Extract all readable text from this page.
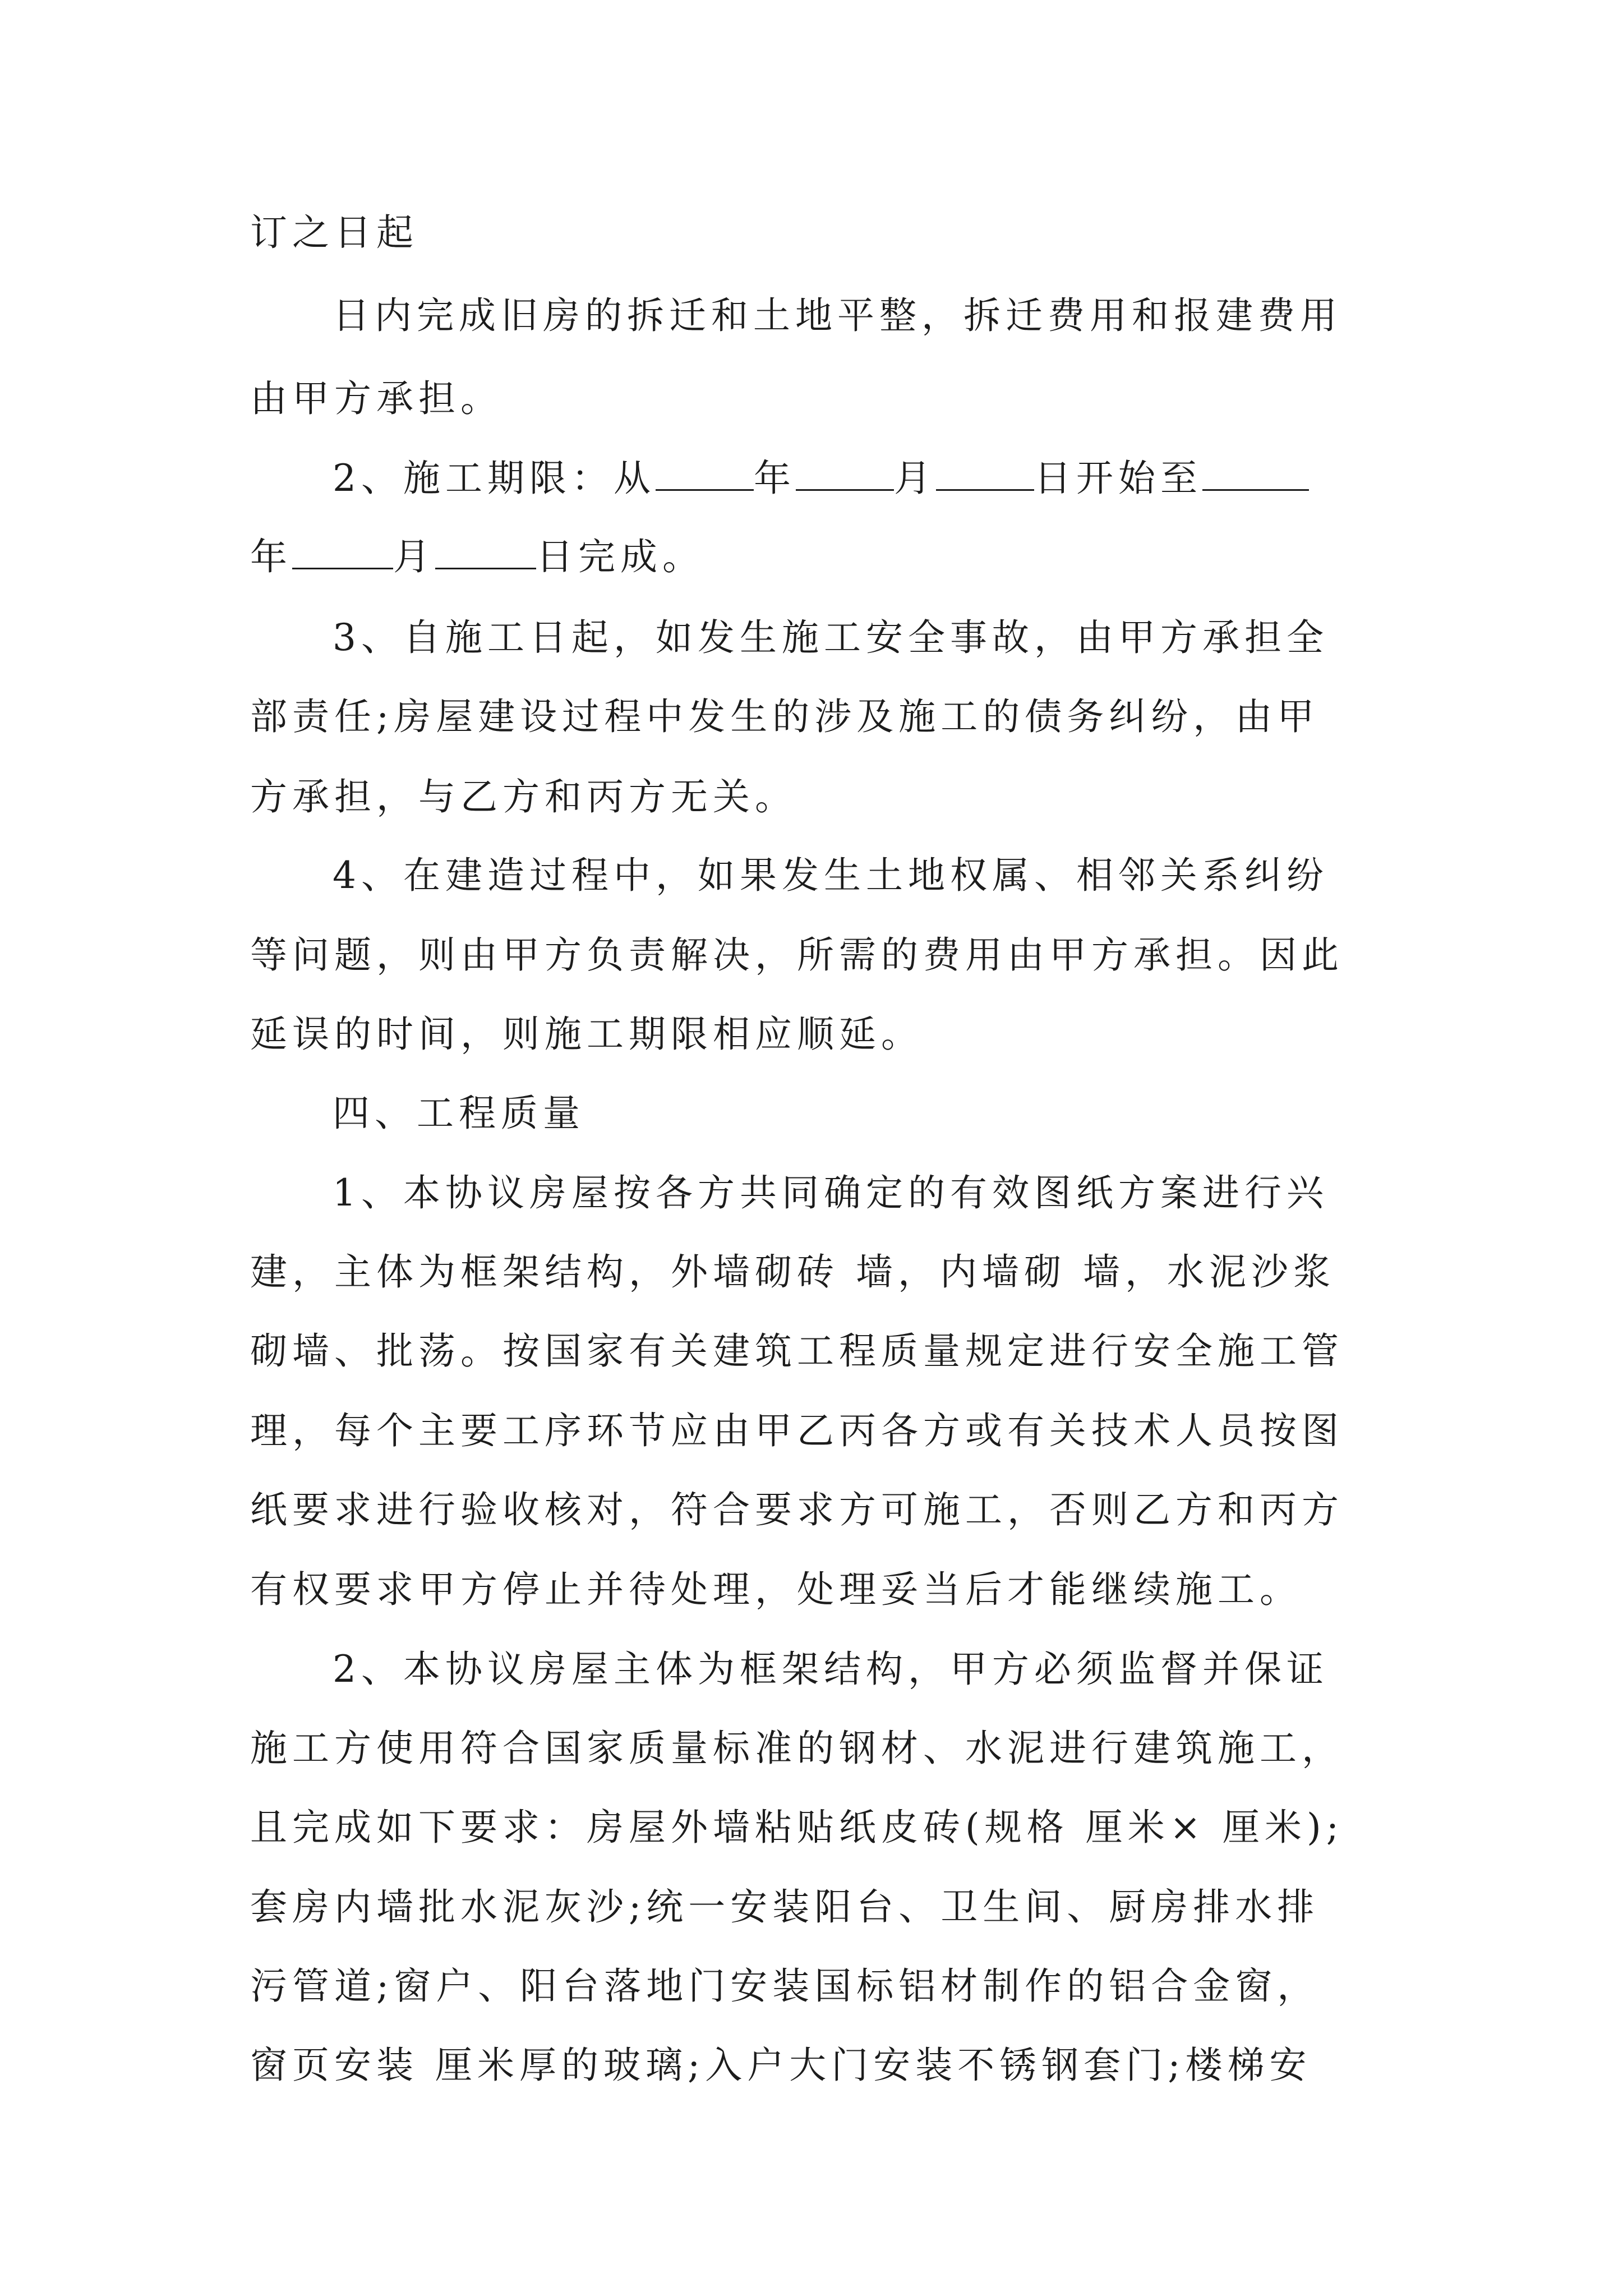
订之日起
日内完成旧房的拆迁和土地平整，拆迁费用和报建费用
由甲方承担。
2、施工期限：从	年	月	日开始至
年	月	日完成。
3、自施工日起，如发生施工安全事故，由甲方承担全
部责任;房屋建设过程中发生的涉及施工的债务纠纷，由甲
方承担，与乙方和丙方无关。
4、在建造过程中，如果发生土地权属、相邻关系纠纷
等问题，则由甲方负责解决，所需的费用由甲方承担。因此
延误的时间，则施工期限相应顺延。
四、工程质量
1、本协议房屋按各方共同确定的有效图纸方案进行兴
建，主体为框架结构，外墙砌砖 墙，内墙砌 墙，水泥沙浆
砌墙、批荡。按国家有关建筑工程质量规定进行安全施工管
理，每个主要工序环节应由甲乙丙各方或有关技术人员按图
纸要求进行验收核对，符合要求方可施工，否则乙方和丙方
有权要求甲方停止并待处理，处理妥当后才能继续施工。
2、本协议房屋主体为框架结构，甲方必须监督并保证
施工方使用符合国家质量标准的钢材、水泥进行建筑施工，
且完成如下要求：房屋外墙粘贴纸皮砖(规格 厘米× 厘米);
套房内墙批水泥灰沙;统一安装阳台、卫生间、厨房排水排
污管道;窗户、阳台落地门安装国标铝材制作的铝合金窗，
窗页安装 厘米厚的玻璃;入户大门安装不锈钢套门;楼梯安
